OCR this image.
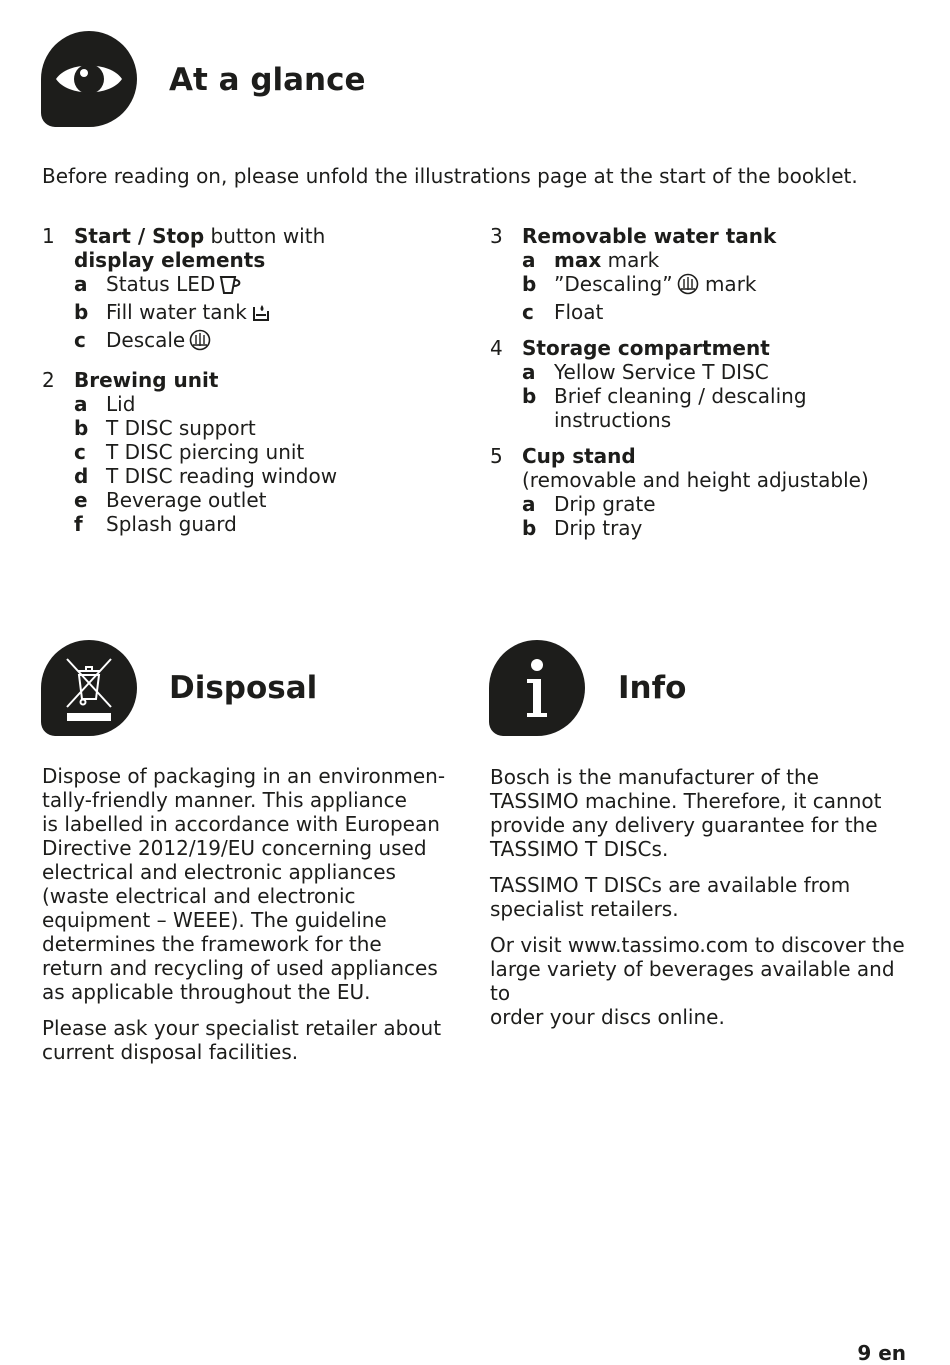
At a glance
Before reading on, please unfold the illustrations page at the start of the booklet.
1 Start / Stop button with
display elements
a Status LED
b Fill water tank
c Descale
2 Brewing unit
a Lid
b T DISC support
c T DISC piercing unit
d T DISC reading window
e Beverage outlet
f Splash guard
3 Removable water tank
a max mark
b ”Descaling” mark
c Float
4 Storage compartment
a Yellow Service T DISC
b Brief cleaning / descaling
instructions
5 Cup stand
(removable and height adjustable)
a Drip grate
b Drip tray
Disposal
Dispose of packaging in an environmen-
tally-friendly manner. This appliance
is labelled in accordance with European
Directive 2012/19/EU concerning used
electrical and electronic appliances
(waste electrical and electronic
equipment – WEEE). The guideline
determines the framework for the
return and recycling of used appliances
as applicable throughout the EU.
Please ask your specialist retailer about
current disposal facilities.
Info
Bosch is the manufacturer of the
TASSIMO machine. Therefore, it cannot
provide any delivery guarantee for the
TASSIMO T DISCs.
TASSIMO T DISCs are available from
specialist retailers.
Or visit www.tassimo.com to discover the
large variety of beverages available and to
order your discs online.
9 en
